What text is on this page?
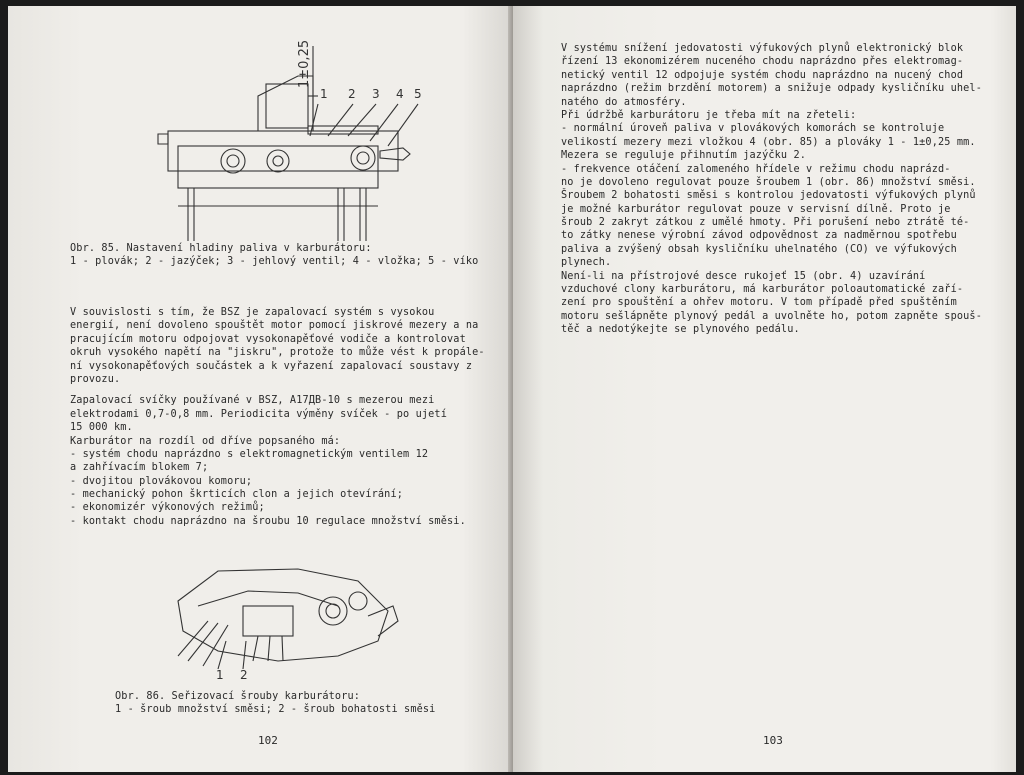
1±0,25
1 2 3 4 5
Obr. 85. Nastavení hladiny paliva v karburátoru:
1 - plovák; 2 - jazýček; 3 - jehlový ventil; 4 - vložka; 5 - víko
V souvislosti s tím, že BSZ je zapalovací systém s vysokou
energií, není dovoleno spouštět motor pomocí jiskrové mezery a na
pracujícím motoru odpojovat vysokonapěťové vodiče a kontrolovat
okruh vysokého napětí na "jiskru", protože to může vést k propále-
ní vysokonapěťových součástek a k vyřazení zapalovací soustavy z
provozu.
Zapalovací svíčky používané v BSZ, A17ДВ-10 s mezerou mezi
elektrodami 0,7-0,8 mm. Periodicita výměny svíček - po ujetí
15 000 km.
Karburátor na rozdíl od dříve popsaného má:
- systém chodu naprázdno s elektromagnetickým ventilem 12
a zahřívacím blokem 7;
- dvojitou plovákovou komoru;
- mechanický pohon škrticích clon a jejich otevírání;
- ekonomizér výkonových režimů;
- kontakt chodu naprázdno na šroubu 10 regulace množství směsi.
1 2
Obr. 86. Seřizovací šrouby karburátoru:
1 - šroub množství směsi; 2 - šroub bohatosti směsi
102
V systému snížení jedovatosti výfukových plynů elektronický blok
řízení 13 ekonomizérem nuceného chodu naprázdno přes elektromag-
netický ventil 12 odpojuje systém chodu naprázdno na nucený chod
naprázdno (režim brzdění motorem) a snižuje odpady kysličníku uhel-
natého do atmosféry.
Při údržbě karburátoru je třeba mít na zřeteli:
- normální úroveň paliva v plovákových komorách se kontroluje
velikostí mezery mezi vložkou 4 (obr. 85) a plováky 1 - 1±0,25 mm.
Mezera se reguluje přihnutím jazýčku 2.
- frekvence otáčení zalomeného hřídele v režimu chodu naprázd-
no je dovoleno regulovat pouze šroubem 1 (obr. 86) množství směsi.
Šroubem 2 bohatosti směsi s kontrolou jedovatosti výfukových plynů
je možné karburátor regulovat pouze v servisní dílně. Proto je
šroub 2 zakryt zátkou z umělé hmoty. Při porušení nebo ztrátě té-
to zátky nenese výrobní závod odpovědnost za nadměrnou spotřebu
paliva a zvýšený obsah kysličníku uhelnatého (CO) ve výfukových
plynech.
Není-li na přístrojové desce rukojeť 15 (obr. 4) uzavírání
vzduchové clony karburátoru, má karburátor poloautomatické zaří-
zení pro spouštění a ohřev motoru. V tom případě před spuštěním
motoru sešlápněte plynový pedál a uvolněte ho, potom zapněte spouš-
těč a nedotýkejte se plynového pedálu.
103
